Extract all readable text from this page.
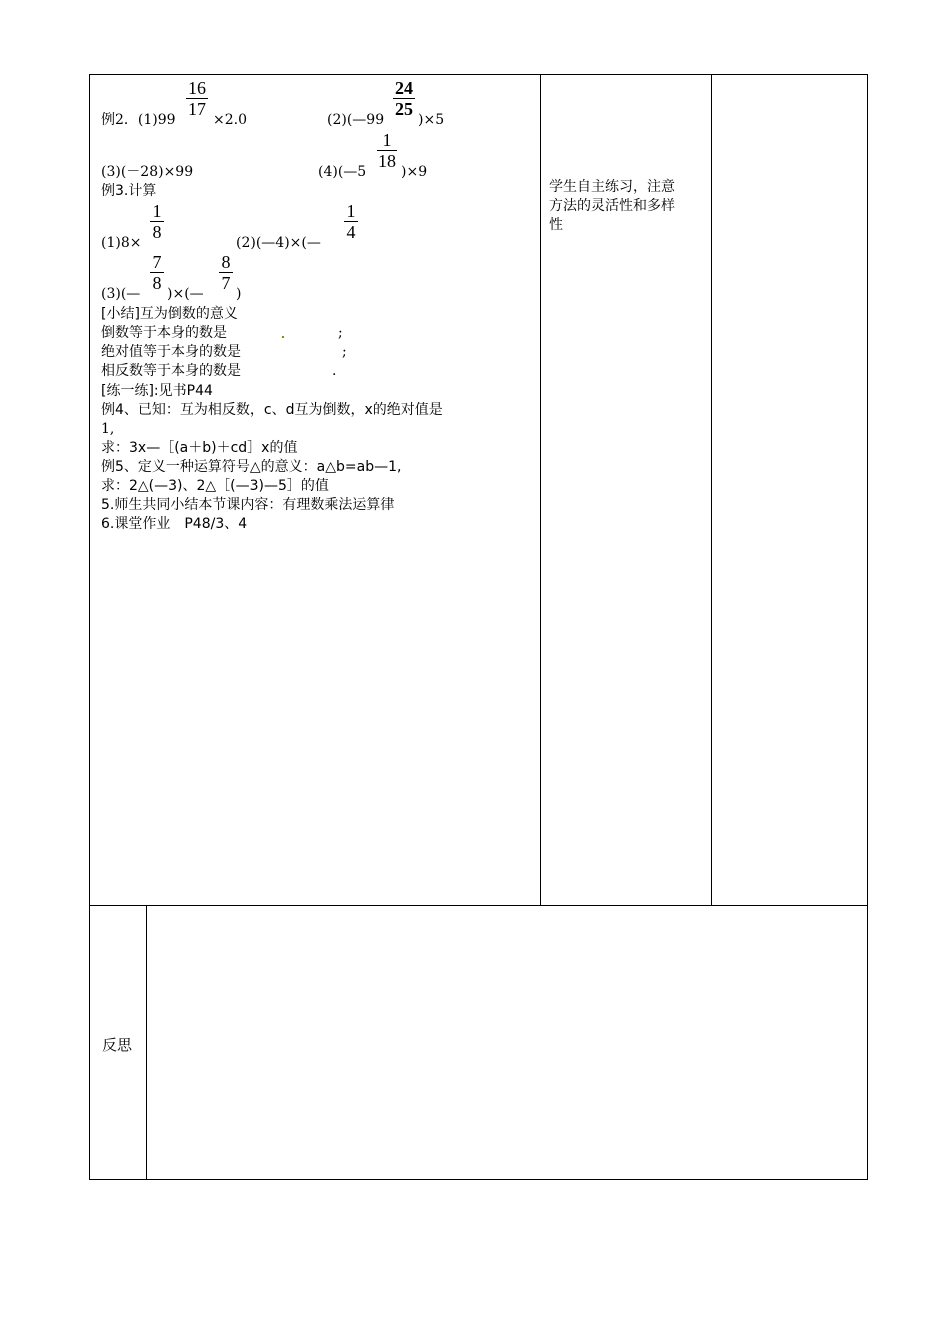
例2．(1)99
16
17
×2.0	(2)(—99
24
25
)×5
(3)(－28)×99	(4)(—5
1
18
)×9
例3.计算
(1)8×
1
8
(2)(—4)×(—
1
4
(3)(—
7
8
)×(—
8
7
)
[小结]互为倒数的意义
倒数等于本身的数是	;
绝对值等于本身的数是	;
相反数等于本身的数是	.
[练一练]:见书P44
例4、已知：互为相反数，c、d互为倒数，x的绝对值是
1,
求：3x—［(a＋b)＋cd］x的值
例5、定义一种运算符号△的意义：a△b=ab—1,
求：2△(—3)、2△［(—3)—5］的值
5.师生共同小结本节课内容：有理数乘法运算律
6.课堂作业　P48/3、4
学生自主练习，注意
方法的灵活性和多样
性
反思
